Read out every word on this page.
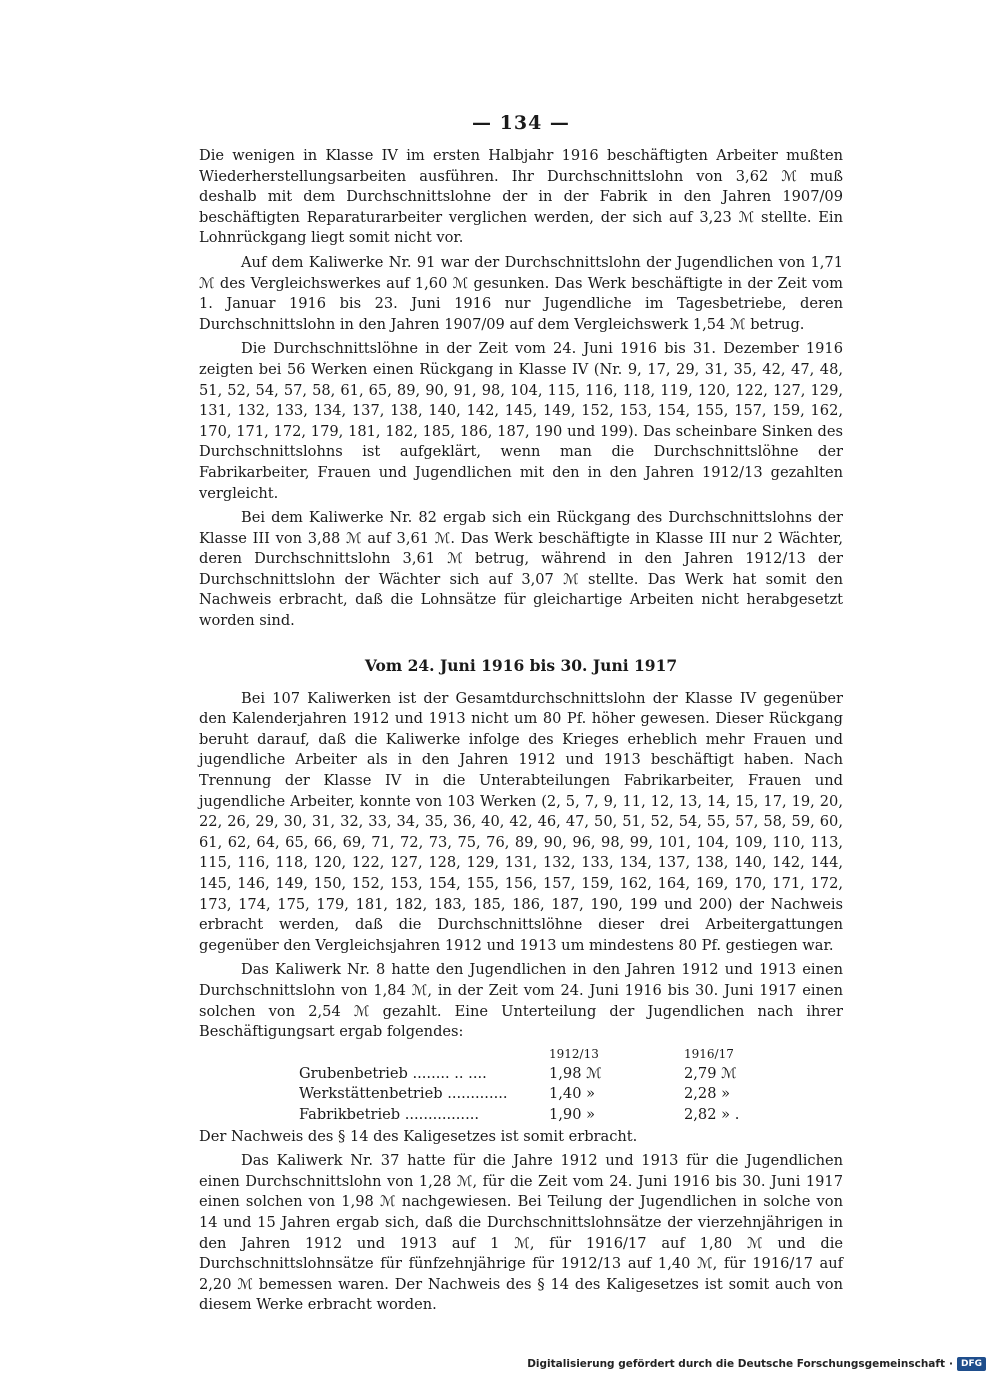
— 134 —

Die wenigen in Klasse IV im ersten Halbjahr 1916 beschäftigten Arbeiter mußten Wiederherstellungsarbeiten ausführen. Ihr Durchschnittslohn von 3,62 ℳ muß deshalb mit dem Durchschnittslohne der in der Fabrik in den Jahren 1907/09 beschäftigten Reparaturarbeiter verglichen werden, der sich auf 3,23 ℳ stellte. Ein Lohnrückgang liegt somit nicht vor.

Auf dem Kaliwerke Nr. 91 war der Durchschnittslohn der Jugendlichen von 1,71 ℳ des Vergleichswerkes auf 1,60 ℳ gesunken. Das Werk beschäftigte in der Zeit vom 1. Januar 1916 bis 23. Juni 1916 nur Jugendliche im Tagesbetriebe, deren Durchschnittslohn in den Jahren 1907/09 auf dem Vergleichswerk 1,54 ℳ betrug.

Die Durchschnittslöhne in der Zeit vom 24. Juni 1916 bis 31. Dezember 1916 zeigten bei 56 Werken einen Rückgang in Klasse IV (Nr. 9, 17, 29, 31, 35, 42, 47, 48, 51, 52, 54, 57, 58, 61, 65, 89, 90, 91, 98, 104, 115, 116, 118, 119, 120, 122, 127, 129, 131, 132, 133, 134, 137, 138, 140, 142, 145, 149, 152, 153, 154, 155, 157, 159, 162, 170, 171, 172, 179, 181, 182, 185, 186, 187, 190 und 199). Das scheinbare Sinken des Durchschnittslohns ist aufgeklärt, wenn man die Durchschnittslöhne der Fabrikarbeiter, Frauen und Jugendlichen mit den in den Jahren 1912/13 gezahlten vergleicht.

Bei dem Kaliwerke Nr. 82 ergab sich ein Rückgang des Durchschnittslohns der Klasse III von 3,88 ℳ auf 3,61 ℳ. Das Werk beschäftigte in Klasse III nur 2 Wächter, deren Durchschnittslohn 3,61 ℳ betrug, während in den Jahren 1912/13 der Durchschnittslohn der Wächter sich auf 3,07 ℳ stellte. Das Werk hat somit den Nachweis erbracht, daß die Lohnsätze für gleichartige Arbeiten nicht herabgesetzt worden sind.

Vom 24. Juni 1916 bis 30. Juni 1917

Bei 107 Kaliwerken ist der Gesamtdurchschnittslohn der Klasse IV gegenüber den Kalenderjahren 1912 und 1913 nicht um 80 Pf. höher gewesen. Dieser Rückgang beruht darauf, daß die Kaliwerke infolge des Krieges erheblich mehr Frauen und jugendliche Arbeiter als in den Jahren 1912 und 1913 beschäftigt haben. Nach Trennung der Klasse IV in die Unterabteilungen Fabrikarbeiter, Frauen und jugendliche Arbeiter, konnte von 103 Werken (2, 5, 7, 9, 11, 12, 13, 14, 15, 17, 19, 20, 22, 26, 29, 30, 31, 32, 33, 34, 35, 36, 40, 42, 46, 47, 50, 51, 52, 54, 55, 57, 58, 59, 60, 61, 62, 64, 65, 66, 69, 71, 72, 73, 75, 76, 89, 90, 96, 98, 99, 101, 104, 109, 110, 113, 115, 116, 118, 120, 122, 127, 128, 129, 131, 132, 133, 134, 137, 138, 140, 142, 144, 145, 146, 149, 150, 152, 153, 154, 155, 156, 157, 159, 162, 164, 169, 170, 171, 172, 173, 174, 175, 179, 181, 182, 183, 185, 186, 187, 190, 199 und 200) der Nachweis erbracht werden, daß die Durchschnittslöhne dieser drei Arbeitergattungen gegenüber den Vergleichsjahren 1912 und 1913 um mindestens 80 Pf. gestiegen war.

Das Kaliwerk Nr. 8 hatte den Jugendlichen in den Jahren 1912 und 1913 einen Durchschnittslohn von 1,84 ℳ, in der Zeit vom 24. Juni 1916 bis 30. Juni 1917 einen solchen von 2,54 ℳ gezahlt. Eine Unterteilung der Jugendlichen nach ihrer Beschäftigungsart ergab folgendes:

	1912/13	1916/17
Grubenbetrieb ........ .. ....	1,98 ℳ	2,79 ℳ
Werkstättenbetrieb .............	1,40 »	2,28 »
Fabrikbetrieb ................	1,90 »	2,82 » .

Der Nachweis des § 14 des Kaligesetzes ist somit erbracht.

Das Kaliwerk Nr. 37 hatte für die Jahre 1912 und 1913 für die Jugendlichen einen Durchschnittslohn von 1,28 ℳ, für die Zeit vom 24. Juni 1916 bis 30. Juni 1917 einen solchen von 1,98 ℳ nachgewiesen. Bei Teilung der Jugendlichen in solche von 14 und 15 Jahren ergab sich, daß die Durchschnittslohnsätze der vierzehnjährigen in den Jahren 1912 und 1913 auf 1 ℳ, für 1916/17 auf 1,80 ℳ und die Durchschnittslohnsätze für fünfzehnjährige für 1912/13 auf 1,40 ℳ, für 1916/17 auf 2,20 ℳ bemessen waren. Der Nachweis des § 14 des Kaligesetzes ist somit auch von diesem Werke erbracht worden.

Digitalisierung gefördert durch die Deutsche Forschungsgemeinschaft · DFG
